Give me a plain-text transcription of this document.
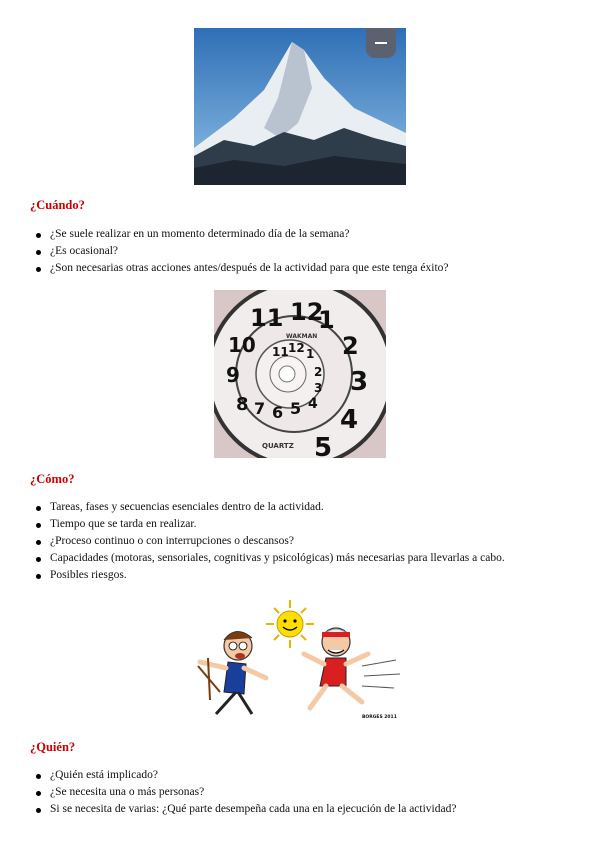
¿Cuándo?
¿Se suele realizar en un momento determinado día de la semana?
¿Es ocasional?
¿Son necesarias otras acciones antes/después de la actividad para que este tenga éxito?
11 12
1
2
3
4
5
10
9
8 7 6 5 4
11 12 1
2
3
WAKMAN
QUARTZ
¿Cómo?
Tareas, fases y secuencias esenciales dentro de la actividad.
Tiempo que se tarda en realizar.
¿Proceso continuo o con interrupciones o descansos?
Capacidades (motoras, sensoriales, cognitivas y psicológicas) más necesarias para llevarlas a cabo.
Posibles riesgos.
BORGES 2011
¿Quién?
¿Quién está implicado?
¿Se necesita una o más personas?
Si se necesita de varias: ¿Qué parte desempeña cada una en la ejecución de la actividad?
